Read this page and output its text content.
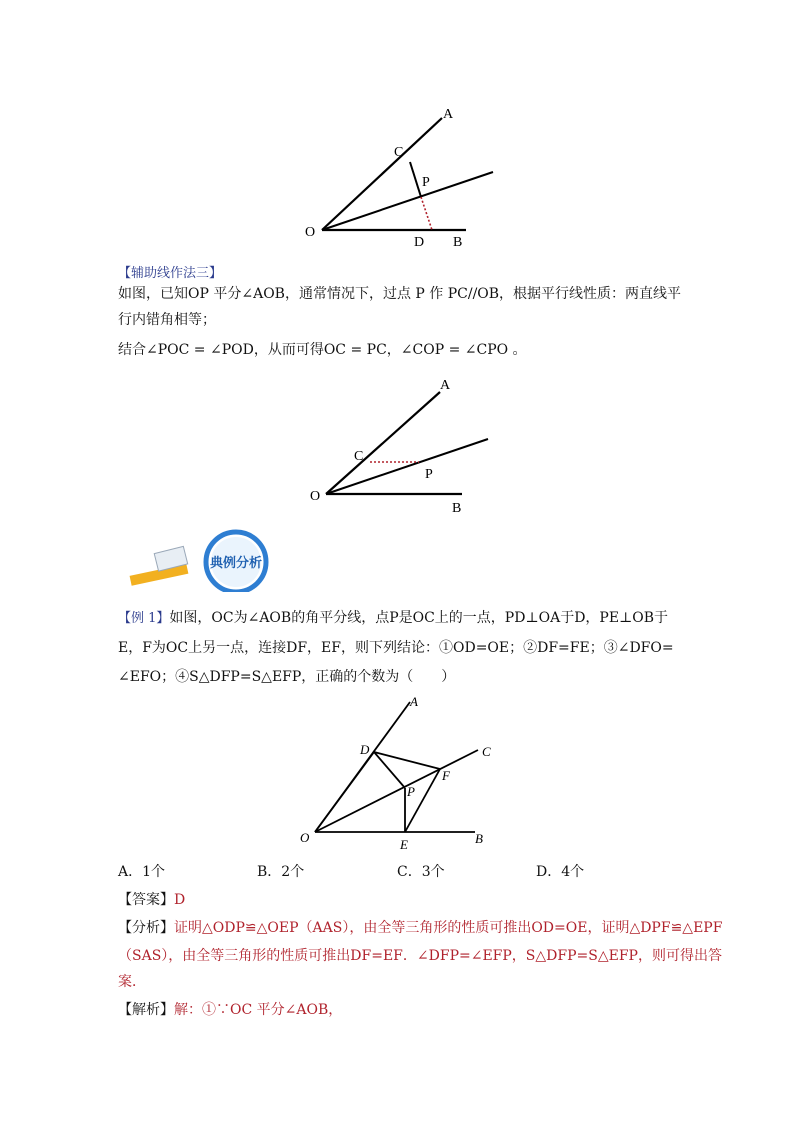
A
C
P
O
D B
【辅助线作法三】
如图，已知OP 平分∠AOB，通常情况下，过点 P 作 PC//OB，根据平行线性质：两直线平
行内错角相等；
结合∠POC = ∠POD，从而可得OC = PC，∠COP = ∠CPO 。
A
C
P
O
B
典例分析
【例 1】如图，OC为∠AOB的角平分线，点P是OC上的一点，PD⊥OA于D，PE⊥OB于
E，F为OC上另一点，连接DF，EF，则下列结论：①OD=OE；②DF=FE；③∠DFO=
∠EFO；④S△DFP=S△EFP，正确的个数为（　　）
A
C
D
F
P
O	E	B
A．1个	B．2个	C．3个	D．4个
【答案】D
【分析】证明△ODP≌△OEP（AAS），由全等三角形的性质可推出OD=OE，证明△DPF≌△EPF
（SAS），由全等三角形的性质可推出DF=EF．∠DFP=∠EFP，S△DFP=S△EFP，则可得出答
案．
【解析】解：①∵OC 平分∠AOB，
